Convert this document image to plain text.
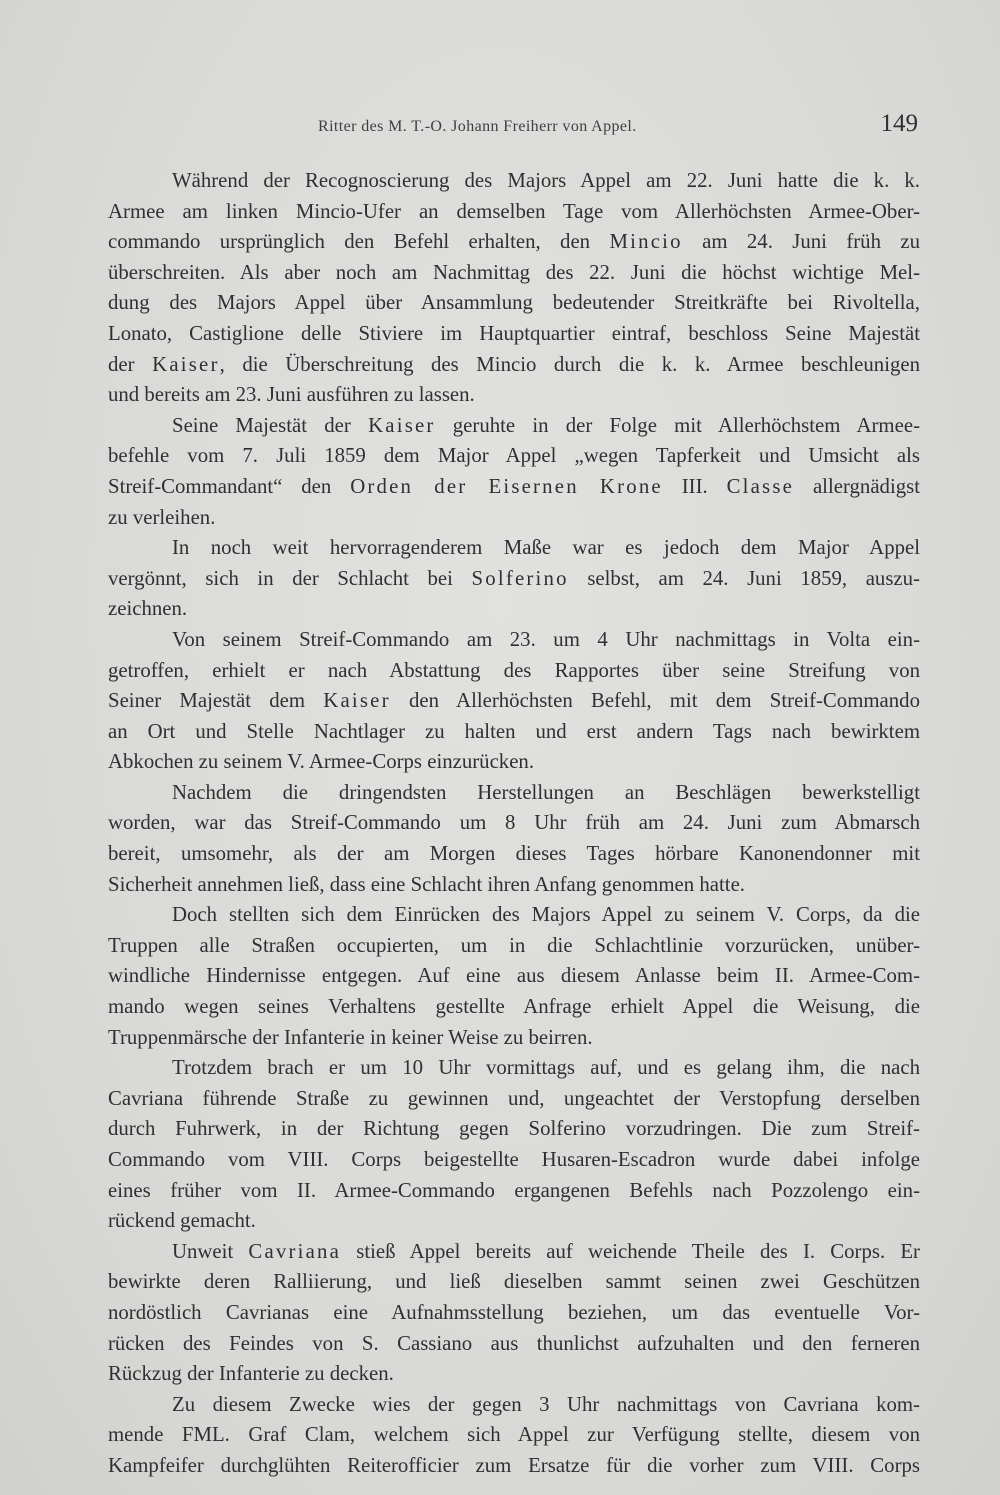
Ritter des M. T.-O. Johann Freiherr von Appel.	149
Während der Recognoscierung des Majors Appel am 22. Juni hatte die k. k.
Armee am linken Mincio-Ufer an demselben Tage vom Allerhöchsten Armee-Ober-
commando ursprünglich den Befehl erhalten, den Mincio am 24. Juni früh zu
überschreiten. Als aber noch am Nachmittag des 22. Juni die höchst wichtige Mel-
dung des Majors Appel über Ansammlung bedeutender Streitkräfte bei Rivoltella,
Lonato, Castiglione delle Stiviere im Hauptquartier eintraf, beschloss Seine Majestät
der Kaiser, die Überschreitung des Mincio durch die k. k. Armee beschleunigen
und bereits am 23. Juni ausführen zu lassen.
Seine Majestät der Kaiser geruhte in der Folge mit Allerhöchstem Armee-
befehle vom 7. Juli 1859 dem Major Appel „wegen Tapferkeit und Umsicht als
Streif-Commandant“ den Orden der Eisernen Krone III. Classe allergnädigst
zu verleihen.
In noch weit hervorragenderem Maße war es jedoch dem Major Appel
vergönnt, sich in der Schlacht bei Solferino selbst, am 24. Juni 1859, auszu-
zeichnen.
Von seinem Streif-Commando am 23. um 4 Uhr nachmittags in Volta ein-
getroffen, erhielt er nach Abstattung des Rapportes über seine Streifung von
Seiner Majestät dem Kaiser den Allerhöchsten Befehl, mit dem Streif-Commando
an Ort und Stelle Nachtlager zu halten und erst andern Tags nach bewirktem
Abkochen zu seinem V. Armee-Corps einzurücken.
Nachdem die dringendsten Herstellungen an Beschlägen bewerkstelligt
worden, war das Streif-Commando um 8 Uhr früh am 24. Juni zum Abmarsch
bereit, umsomehr, als der am Morgen dieses Tages hörbare Kanonendonner mit
Sicherheit annehmen ließ, dass eine Schlacht ihren Anfang genommen hatte.
Doch stellten sich dem Einrücken des Majors Appel zu seinem V. Corps, da die
Truppen alle Straßen occupierten, um in die Schlachtlinie vorzurücken, unüber-
windliche Hindernisse entgegen. Auf eine aus diesem Anlasse beim II. Armee-Com-
mando wegen seines Verhaltens gestellte Anfrage erhielt Appel die Weisung, die
Truppenmärsche der Infanterie in keiner Weise zu beirren.
Trotzdem brach er um 10 Uhr vormittags auf, und es gelang ihm, die nach
Cavriana führende Straße zu gewinnen und, ungeachtet der Verstopfung derselben
durch Fuhrwerk, in der Richtung gegen Solferino vorzudringen. Die zum Streif-
Commando vom VIII. Corps beigestellte Husaren-Escadron wurde dabei infolge
eines früher vom II. Armee-Commando ergangenen Befehls nach Pozzolengo ein-
rückend gemacht.
Unweit Cavriana stieß Appel bereits auf weichende Theile des I. Corps. Er
bewirkte deren Ralliierung, und ließ dieselben sammt seinen zwei Geschützen
nordöstlich Cavrianas eine Aufnahmsstellung beziehen, um das eventuelle Vor-
rücken des Feindes von S. Cassiano aus thunlichst aufzuhalten und den ferneren
Rückzug der Infanterie zu decken.
Zu diesem Zwecke wies der gegen 3 Uhr nachmittags von Cavriana kom-
mende FML. Graf Clam, welchem sich Appel zur Verfügung stellte, diesem von
Kampfeifer durchglühten Reiterofficier zum Ersatze für die vorher zum VIII. Corps
